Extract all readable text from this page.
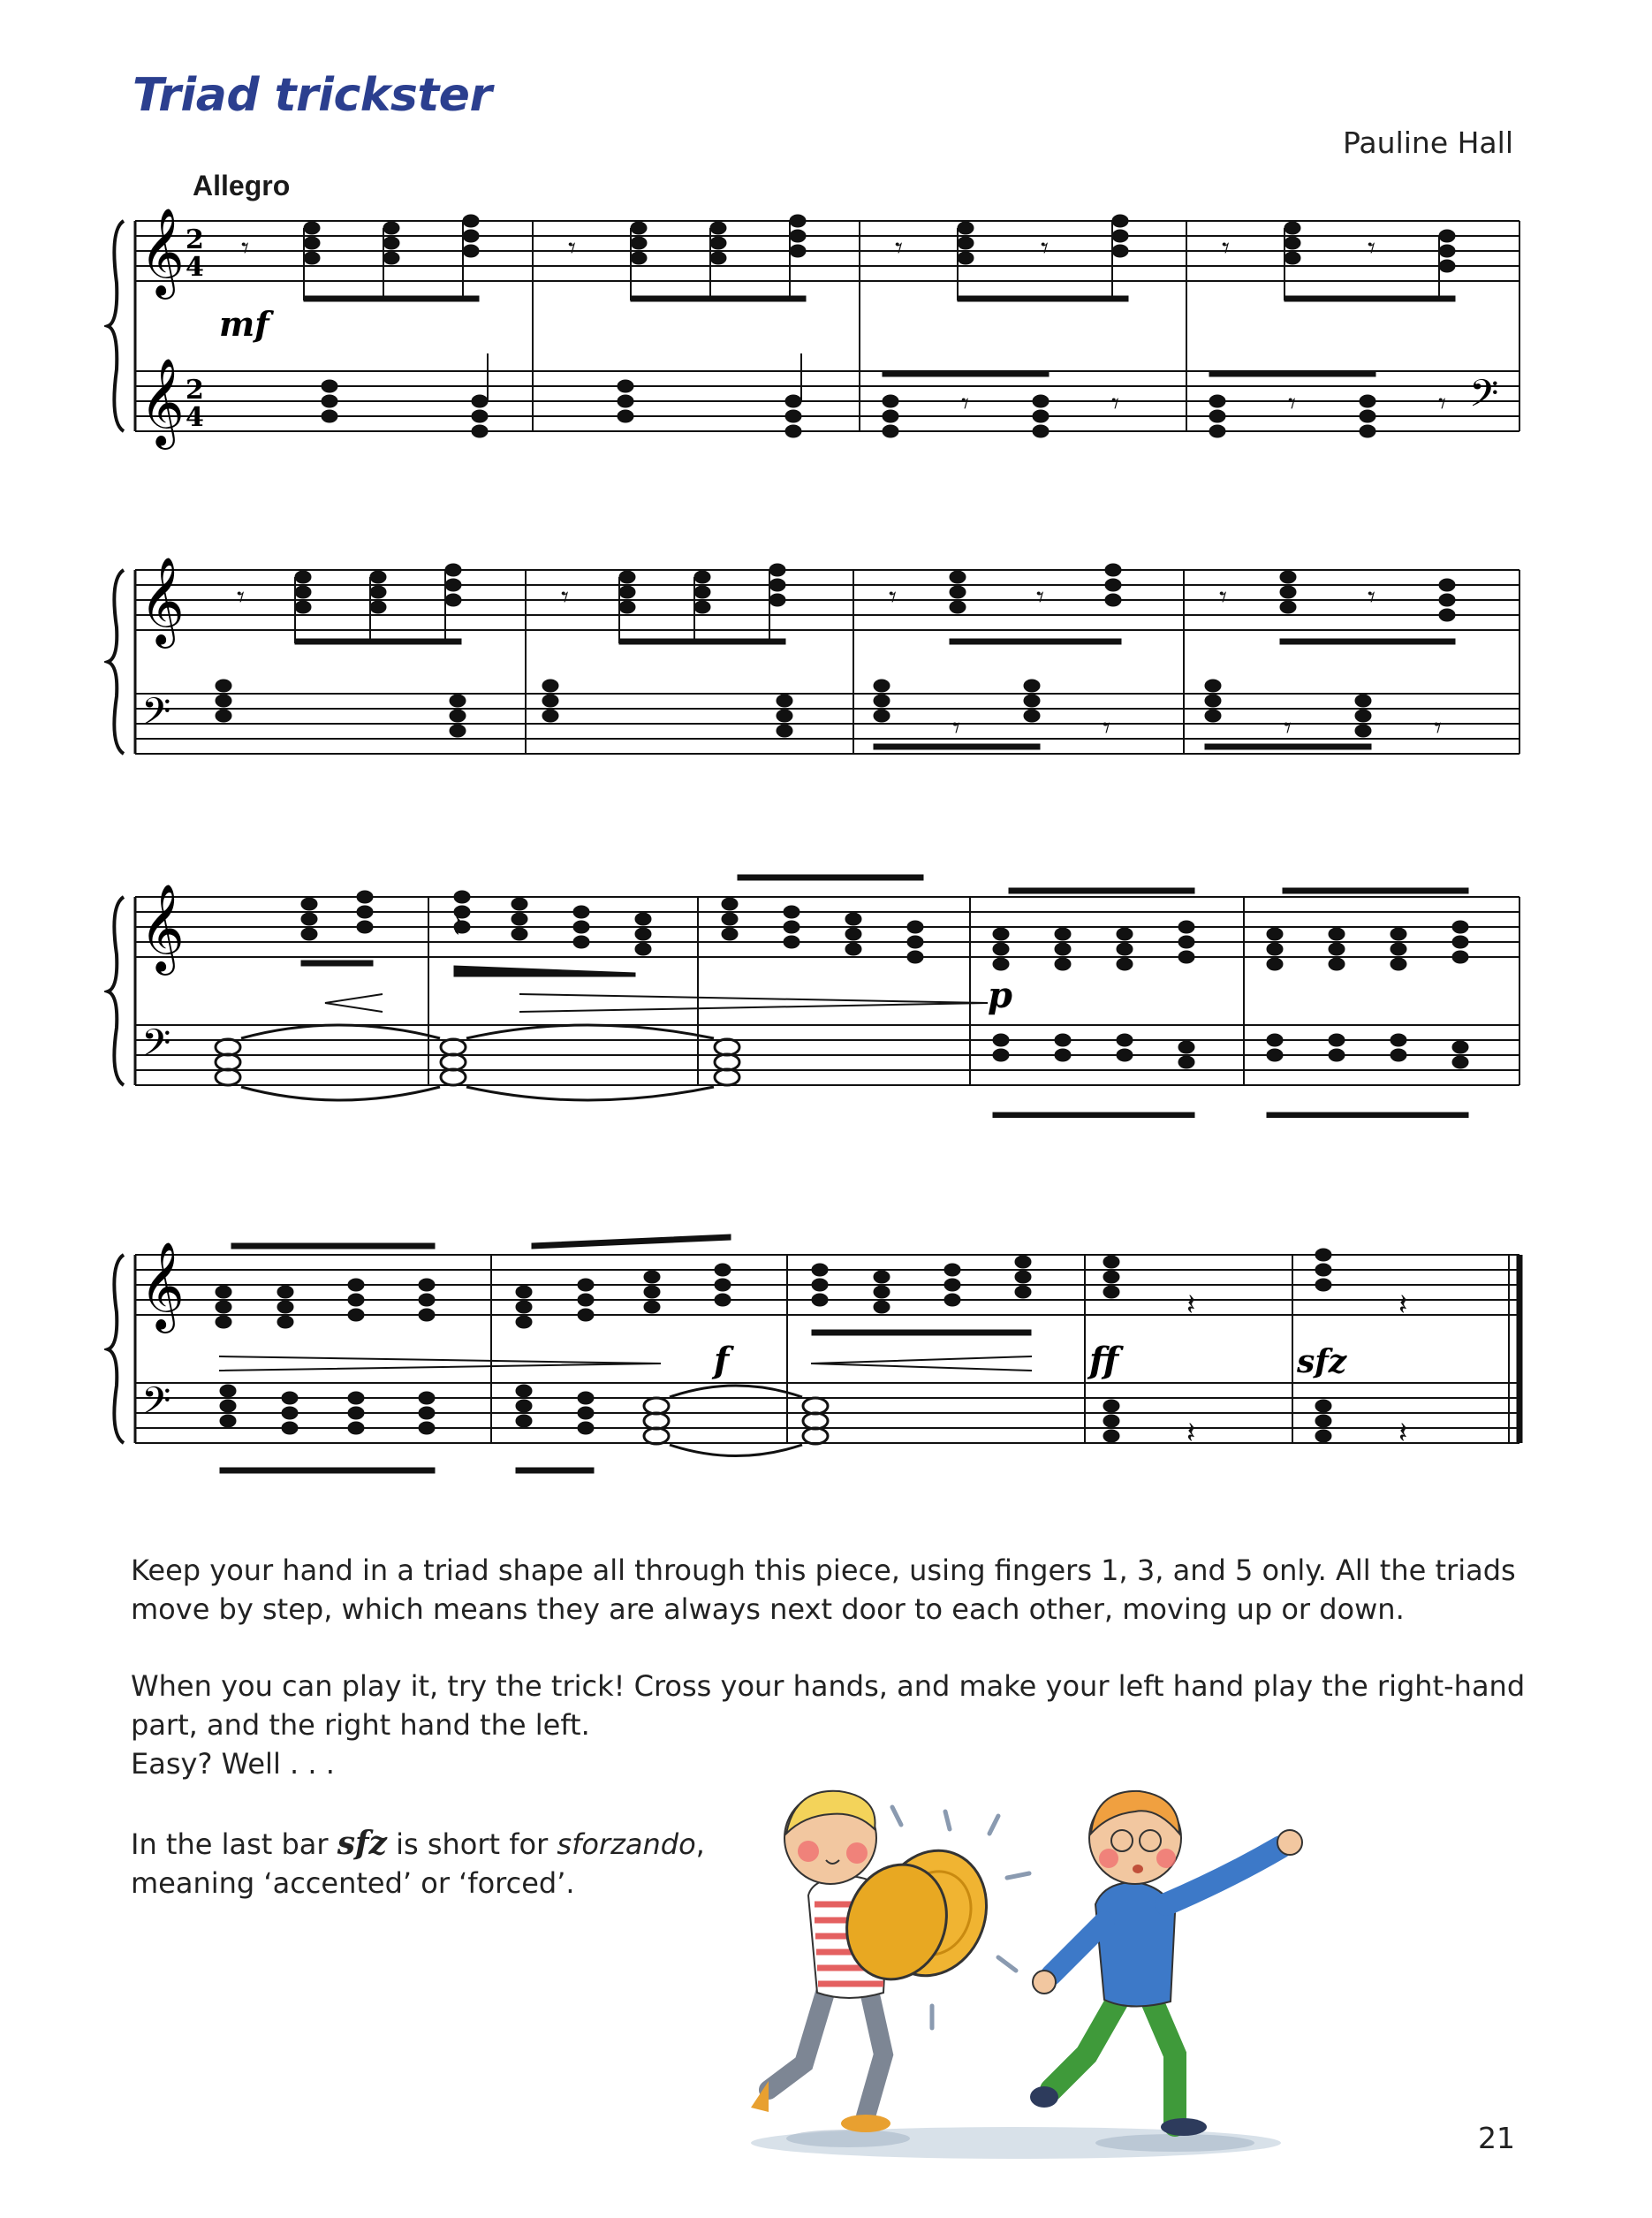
Triad trickster
Pauline Hall
Allegro
𝄞
𝄞
2
4
2
4
mf
𝄾	𝄾	𝄾	𝄾	𝄾	𝄾
𝄾	𝄾	𝄾	𝄾 𝄢
𝄞
𝄢
𝄾	𝄾	𝄾	𝄾	𝄾	𝄾
𝄾	𝄾	𝄾	𝄾
𝄞
𝄢
p
𝄞
𝄢
𝄽	𝄽
𝄽	𝄽
f	ff	sfz
Keep your hand in a triad shape all through this piece, using fingers 1, 3, and 5 only. All the triads move by step, which means they are always next door to each other, moving up or down.
When you can play it, try the trick! Cross your hands, and make your left hand play the right-hand part, and the right hand the left.
Easy? Well . . .
In the last bar sfz is short for sforzando, meaning ‘accented’ or ‘forced’.
21
